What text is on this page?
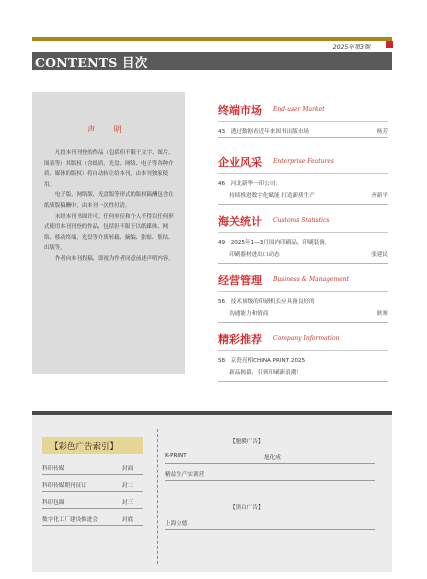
2025年第3期
CONTENTS 目次
声 明

凡投本刊刊登的作品（包括但不限于文字、图片、图表等）其版权（含纸质、光盘、网络、电子等各种介质、媒体的版权）将自动转让给本刊，由本刊独家使用。

电子版、网络版、光盘版等形式的版权稿酬包含在纸质版稿酬中，由本刊一次性付清。

未经本刊书面许可，任何单位和个人不得以任何形式使用本刊刊登的作品，包括但不限于以纸媒体、网络、移动终端、光盘等介质转载、摘编、张贴、集结、出版等。

作者向本刊投稿，即视为作者同意前述声明内容。

终端市场 End-user Market
43　透过数据看近年来图书出版市场	杨芳
企业风采 Enterprise Features
46　河北新华一印公司：
　　持续推进数字化赋能 打造新质生产	齐新平
海关统计 Customs Statistics
49　2025年1—3月国内印刷品、印刷装备、
　　印刷器材进出口动态	张建民
经营管理 Business & Management
56　技术顶级的印刷机长应具备良好的
　　沟通能力和情商	耿寨
精彩推荐 Company Information
58　京瓷亮相CHINA PRINT 2025
　　新品揭幕，引领印刷新浪潮！
【彩色广告索引】
科印传媒	封面
科印传媒期刊征订	封二
科印包圈	封三
数字化工厂建设推进会	封底
【胞膜广告】
K-PRINT	旭化成
精益生产实训营
【黑白广告】
上海立德
